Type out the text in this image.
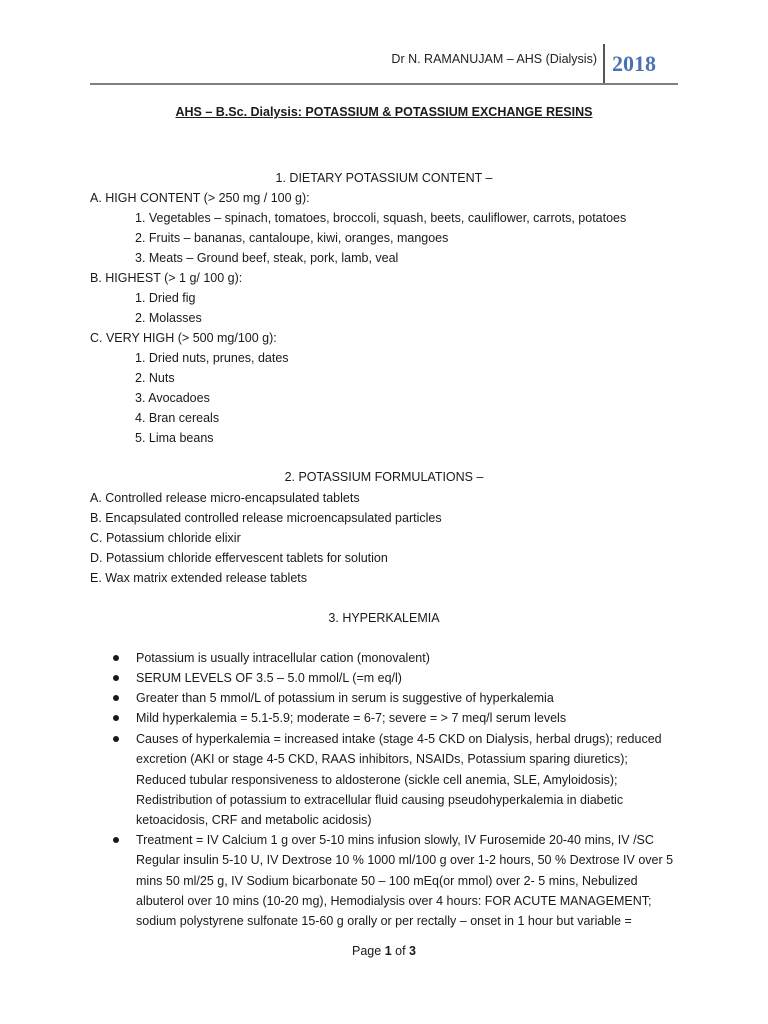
Dr N. RAMANUJAM – AHS (Dialysis) 2018
AHS – B.Sc. Dialysis: POTASSIUM & POTASSIUM EXCHANGE RESINS
1. DIETARY POTASSIUM CONTENT –
A. HIGH CONTENT (> 250 mg / 100 g):
1. Vegetables – spinach, tomatoes, broccoli, squash, beets, cauliflower, carrots, potatoes
2. Fruits – bananas, cantaloupe, kiwi, oranges, mangoes
3. Meats – Ground beef, steak, pork, lamb, veal
B. HIGHEST (> 1 g/ 100 g):
1. Dried fig
2. Molasses
C. VERY HIGH (> 500 mg/100 g):
1. Dried nuts, prunes, dates
2. Nuts
3. Avocadoes
4. Bran cereals
5. Lima beans
2. POTASSIUM FORMULATIONS –
A. Controlled release micro-encapsulated tablets
B. Encapsulated controlled release microencapsulated particles
C. Potassium chloride elixir
D. Potassium chloride effervescent tablets for solution
E. Wax matrix extended release tablets
3. HYPERKALEMIA
Potassium is usually intracellular cation (monovalent)
SERUM LEVELS OF 3.5 – 5.0 mmol/L (=m eq/l)
Greater than 5 mmol/L of potassium in serum is suggestive of hyperkalemia
Mild hyperkalemia = 5.1-5.9; moderate = 6-7; severe = > 7 meq/l serum levels
Causes of hyperkalemia = increased intake (stage 4-5 CKD on Dialysis, herbal drugs); reduced excretion (AKI or stage 4-5 CKD, RAAS inhibitors, NSAIDs, Potassium sparing diuretics); Reduced tubular responsiveness to aldosterone (sickle cell anemia, SLE, Amyloidosis); Redistribution of potassium to extracellular fluid causing pseudohyperkalemia in diabetic ketoacidosis, CRF and metabolic acidosis)
Treatment = IV Calcium 1 g over 5-10 mins infusion slowly, IV Furosemide 20-40 mins, IV /SC Regular insulin 5-10 U, IV Dextrose 10 % 1000 ml/100 g over 1-2 hours, 50 % Dextrose IV over 5 mins 50 ml/25 g, IV Sodium bicarbonate 50 – 100 mEq(or mmol) over 2- 5 mins, Nebulized albuterol over 10 mins (10-20 mg), Hemodialysis over 4 hours: FOR ACUTE MANAGEMENT; sodium polystyrene sulfonate 15-60 g orally or per rectally – onset in 1 hour but variable =
Page 1 of 3
